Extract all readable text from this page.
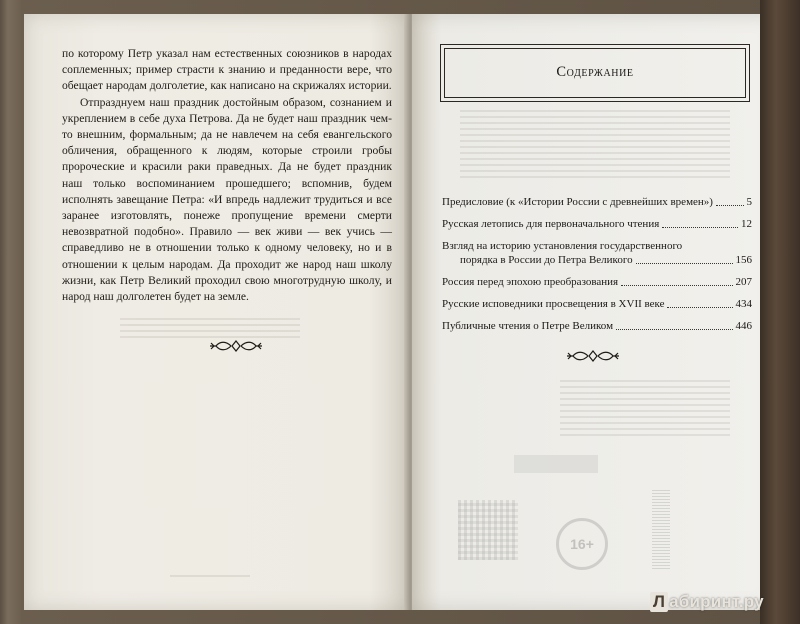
по которому Петр указал нам естественных союзников в народах соплеменных; пример страсти к знанию и преданности вере, что обещает народам долголетие, как написано на скрижалях истории.

Отпразднуем наш праздник достойным образом, сознанием и укреплением в себе духа Петрова. Да не будет наш праздник чем-то внешним, формальным; да не навлечем на себя евангельского обличения, обращенного к людям, которые строили гробы пророческие и красили раки праведных. Да не будет праздник наш только воспоминанием прошедшего; вспомнив, будем исполнять завещание Петра: «И впредь надлежит трудиться и все заранее изготовлять, понеже пропущение времени смерти невозвратной подобно». Правило — век живи — век учись — справедливо не в отношении только к одному человеку, но и в отношении к целым народам. Да проходит же народ наш школу жизни, как Петр Великий проходил свою многотрудную школу, и народ наш долголетен будет на земле.

16+
Содержание
Предисловие (к «Истории России с древнейших времен»)	5
Русская летопись для первоначального чтения	12
Взгляд на историю установления государственного
порядка в России до Петра Великого	156
Россия перед эпохою преобразования	207
Русские исповедники просвещения в XVII веке	434
Публичные чтения о Петре Великом	446
Л абиринт.ру
